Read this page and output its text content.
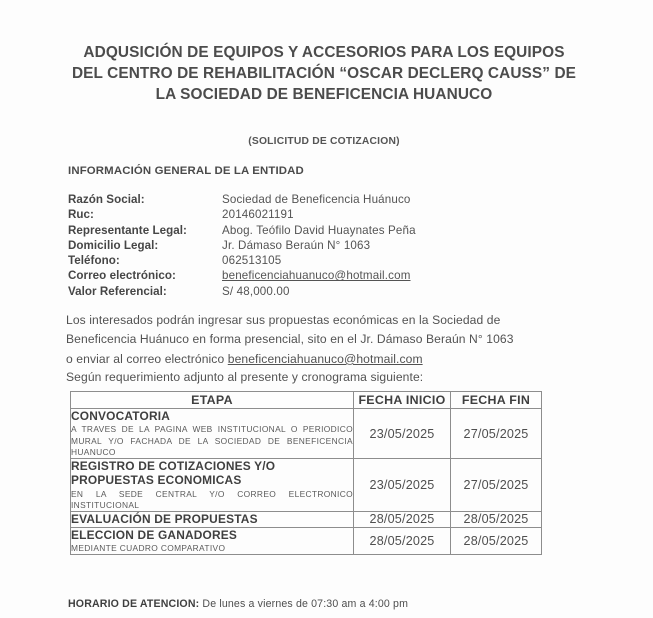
ADQUSICIÓN DE EQUIPOS Y ACCESORIOS PARA LOS EQUIPOS DEL CENTRO DE REHABILITACIÓN “OSCAR DECLERQ CAUSS” DE LA SOCIEDAD DE BENEFICENCIA HUANUCO
(SOLICITUD DE COTIZACION)
INFORMACIÓN GENERAL DE LA ENTIDAD
Razón Social:	Sociedad de Beneficencia Huánuco
Ruc:	20146021191
Representante Legal:	Abog. Teófilo David Huaynates Peña
Domicilio Legal:	Jr. Dámaso Beraún N° 1063
Teléfono:	062513105
Correo electrónico:	beneficenciahuanuco@hotmail.com
Valor Referencial:	S/ 48,000.00
Los interesados podrán ingresar sus propuestas económicas en la Sociedad de
Beneficencia Huánuco en forma presencial, sito en el Jr. Dámaso Beraún N° 1063
o enviar al correo electrónico beneficenciahuanuco@hotmail.com
Según requerimiento adjunto al presente y cronograma siguiente:
ETAPA	FECHA INICIO	FECHA FIN

CONVOCATORIA
A TRAVES DE LA PAGINA WEB INSTITUCIONAL O PERIODICO MURAL Y/O FACHADA DE LA SOCIEDAD DE BENEFICENCIA HUANUCO	23/05/2025	27/05/2025

REGISTRO DE COTIZACIONES Y/O PROPUESTAS ECONOMICAS
EN LA SEDE CENTRAL Y/O CORREO ELECTRONICO INSTITUCIONAL	23/05/2025	27/05/2025

EVALUACIÓN DE PROPUESTAS	28/05/2025	28/05/2025

ELECCION DE GANADORES
MEDIANTE CUADRO COMPARATIVO	28/05/2025	28/05/2025
HORARIO DE ATENCION: De lunes a viernes de 07:30 am a 4:00 pm
